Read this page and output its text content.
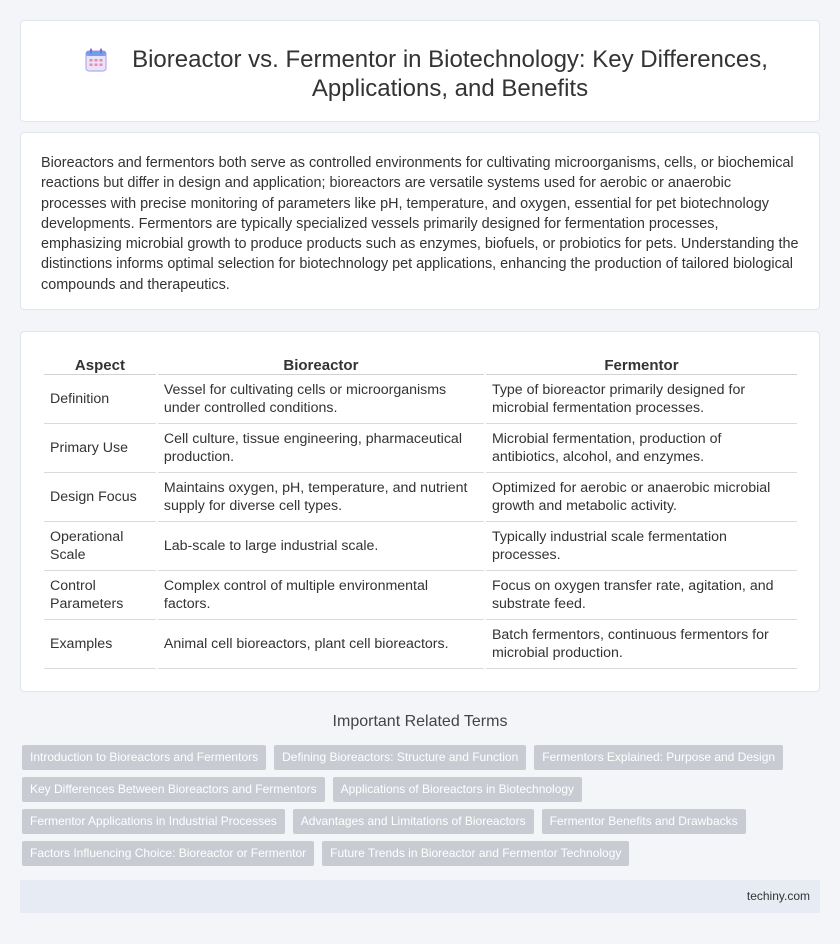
Bioreactor vs. Fermentor in Biotechnology: Key Differences, Applications, and Benefits

Bioreactors and fermentors both serve as controlled environments for cultivating microorganisms, cells, or biochemical reactions but differ in design and application; bioreactors are versatile systems used for aerobic or anaerobic processes with precise monitoring of parameters like pH, temperature, and oxygen, essential for pet biotechnology developments. Fermentors are typically specialized vessels primarily designed for fermentation processes, emphasizing microbial growth to produce products such as enzymes, biofuels, or probiotics for pets. Understanding the distinctions informs optimal selection for biotechnology pet applications, enhancing the production of tailored biological compounds and therapeutics.

Aspect	Bioreactor	Fermentor
Definition	Vessel for cultivating cells or microorganisms under controlled conditions.	Type of bioreactor primarily designed for microbial fermentation processes.
Primary Use	Cell culture, tissue engineering, pharmaceutical production.	Microbial fermentation, production of antibiotics, alcohol, and enzymes.
Design Focus	Maintains oxygen, pH, temperature, and nutrient supply for diverse cell types.	Optimized for aerobic or anaerobic microbial growth and metabolic activity.
Operational Scale	Lab-scale to large industrial scale.	Typically industrial scale fermentation processes.
Control Parameters	Complex control of multiple environmental factors.	Focus on oxygen transfer rate, agitation, and substrate feed.
Examples	Animal cell bioreactors, plant cell bioreactors.	Batch fermentors, continuous fermentors for microbial production.
Important Related Terms
Introduction to Bioreactors and Fermentors	Defining Bioreactors: Structure and Function	Fermentors Explained: Purpose and Design
Key Differences Between Bioreactors and Fermentors	Applications of Bioreactors in Biotechnology
Fermentor Applications in Industrial Processes	Advantages and Limitations of Bioreactors	Fermentor Benefits and Drawbacks
Factors Influencing Choice: Bioreactor or Fermentor	Future Trends in Bioreactor and Fermentor Technology
techiny.com
